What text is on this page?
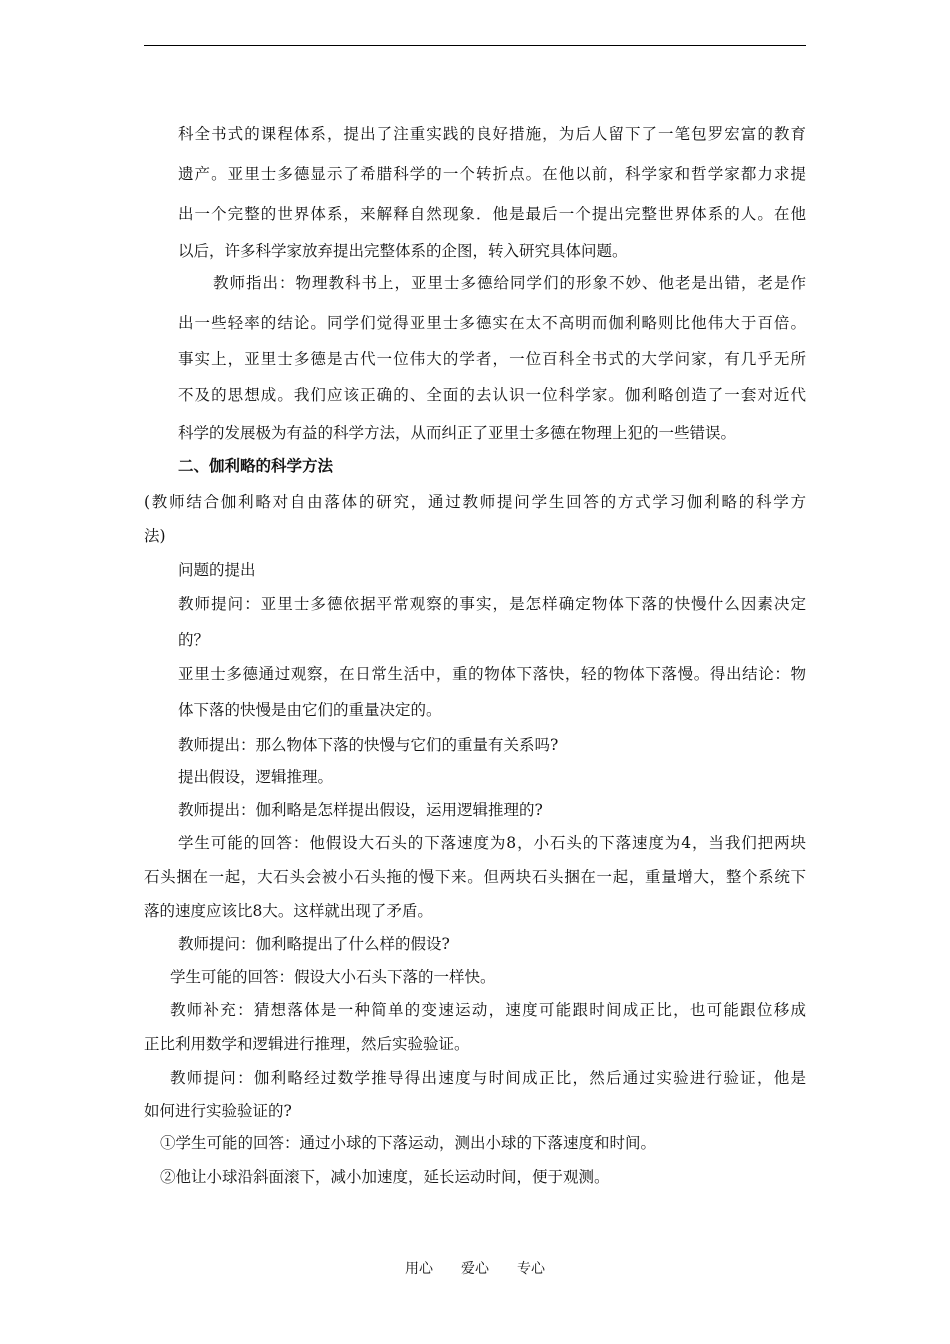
科全书式的课程体系，提出了注重实践的良好措施，为后人留下了一笔包罗宏富的教育
遗产。亚里士多德显示了希腊科学的一个转折点。在他以前，科学家和哲学家都力求提
出一个完整的世界体系，来解释自然现象．他是最后一个提出完整世界体系的人。在他
以后，许多科学家放弃提出完整体系的企图，转入研究具体问题。
教师指出：物理教科书上，亚里士多德给同学们的形象不妙、他老是出错，老是作
出一些轻率的结论。同学们觉得亚里士多德实在太不高明而伽利略则比他伟大于百倍。
事实上，亚里士多德是古代一位伟大的学者，一位百科全书式的大学问家，有几乎无所
不及的思想成。我们应该正确的、全面的去认识一位科学家。伽利略创造了一套对近代
科学的发展极为有益的科学方法，从而纠正了亚里士多德在物理上犯的一些错误。
二、伽利略的科学方法
(教师结合伽利略对自由落体的研究，通过教师提问学生回答的方式学习伽利略的科学方
法)
问题的提出
教师提问：亚里士多德依据平常观察的事实，是怎样确定物体下落的快慢什么因素决定
的？
亚里士多德通过观察，在日常生活中，重的物体下落快，轻的物体下落慢。得出结论：物
体下落的快慢是由它们的重量决定的。
教师提出：那么物体下落的快慢与它们的重量有关系吗?
提出假设，逻辑推理。
教师提出：伽利略是怎样提出假设，运用逻辑推理的?
学生可能的回答：他假设大石头的下落速度为8，小石头的下落速度为4，当我们把两块
石头捆在一起，大石头会被小石头拖的慢下来。但两块石头捆在一起，重量增大，整个系统下
落的速度应该比8大。这样就出现了矛盾。
教师提问：伽利略提出了什么样的假设?
学生可能的回答：假设大小石头下落的一样快。
教师补充：猜想落体是一种简单的变速运动，速度可能跟时间成正比，也可能跟位移成
正比利用数学和逻辑进行推理，然后实验验证。
教师提问：伽利略经过数学推导得出速度与时间成正比，然后通过实验进行验证，他是
如何进行实验验证的?
①学生可能的回答：通过小球的下落运动，测出小球的下落速度和时间。
②他让小球沿斜面滚下，减小加速度，延长运动时间，便于观测。
用心 爱心 专心
